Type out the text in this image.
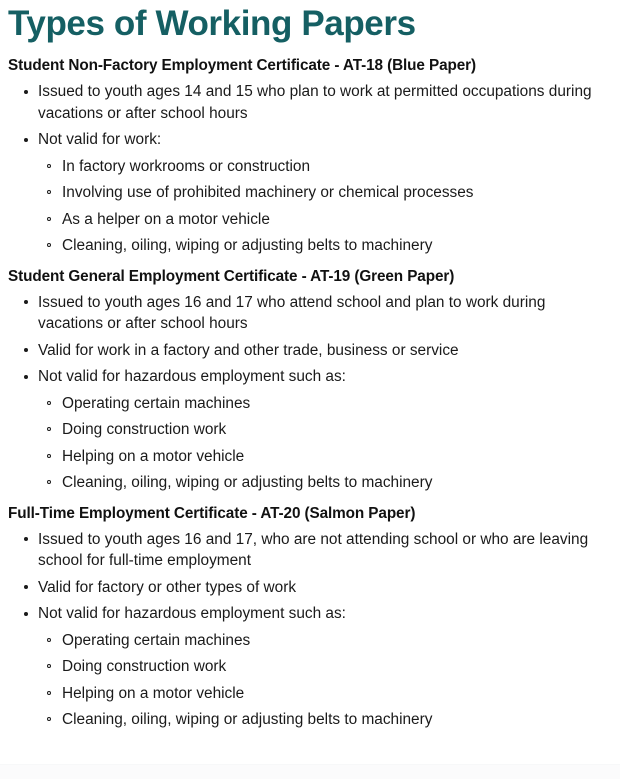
Types of Working Papers
Student Non-Factory Employment Certificate - AT-18 (Blue Paper)
Issued to youth ages 14 and 15 who plan to work at permitted occupations during vacations or after school hours
Not valid for work:
In factory workrooms or construction
Involving use of prohibited machinery or chemical processes
As a helper on a motor vehicle
Cleaning, oiling, wiping or adjusting belts to machinery
Student General Employment Certificate - AT-19 (Green Paper)
Issued to youth ages 16 and 17 who attend school and plan to work during vacations or after school hours
Valid for work in a factory and other trade, business or service
Not valid for hazardous employment such as:
Operating certain machines
Doing construction work
Helping on a motor vehicle
Cleaning, oiling, wiping or adjusting belts to machinery
Full-Time Employment Certificate - AT-20 (Salmon Paper)
Issued to youth ages 16 and 17, who are not attending school or who are leaving school for full-time employment
Valid for factory or other types of work
Not valid for hazardous employment such as:
Operating certain machines
Doing construction work
Helping on a motor vehicle
Cleaning, oiling, wiping or adjusting belts to machinery
